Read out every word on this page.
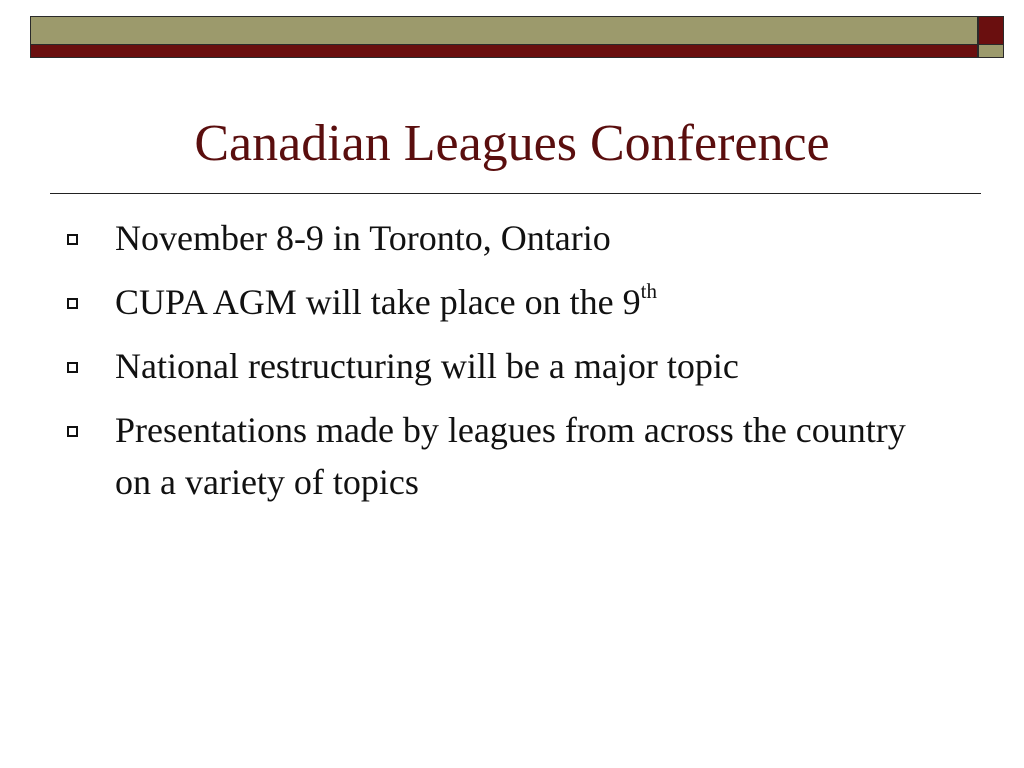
Canadian Leagues Conference
November 8-9 in Toronto, Ontario
CUPA AGM will take place on the 9th
National restructuring will be a major topic
Presentations made by leagues from across the country on a variety of topics
